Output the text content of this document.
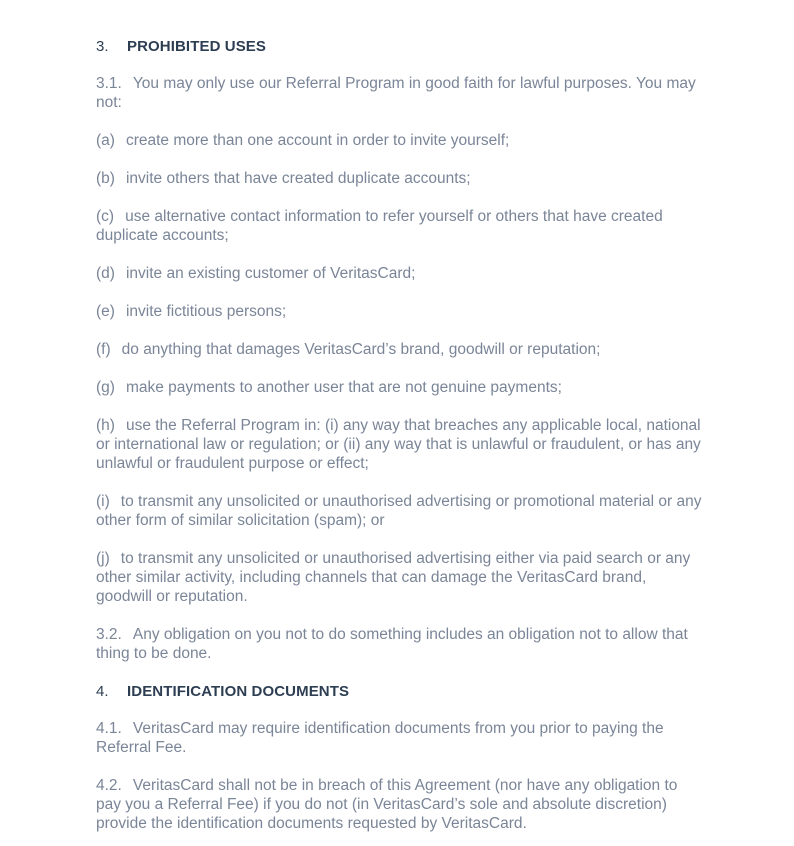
3. PROHIBITED USES

3.1. You may only use our Referral Program in good faith for lawful purposes. You may not:

(a) create more than one account in order to invite yourself;

(b) invite others that have created duplicate accounts;

(c) use alternative contact information to refer yourself or others that have created duplicate accounts;

(d) invite an existing customer of VeritasCard;

(e) invite fictitious persons;

(f) do anything that damages VeritasCard’s brand, goodwill or reputation;

(g) make payments to another user that are not genuine payments;

(h) use the Referral Program in: (i) any way that breaches any applicable local, national or international law or regulation; or (ii) any way that is unlawful or fraudulent, or has any unlawful or fraudulent purpose or effect;

(i) to transmit any unsolicited or unauthorised advertising or promotional material or any other form of similar solicitation (spam); or

(j) to transmit any unsolicited or unauthorised advertising either via paid search or any other similar activity, including channels that can damage the VeritasCard brand, goodwill or reputation.

3.2. Any obligation on you not to do something includes an obligation not to allow that thing to be done.

4. IDENTIFICATION DOCUMENTS

4.1. VeritasCard may require identification documents from you prior to paying the Referral Fee.

4.2. VeritasCard shall not be in breach of this Agreement (nor have any obligation to pay you a Referral Fee) if you do not (in VeritasCard’s sole and absolute discretion) provide the identification documents requested by VeritasCard.
